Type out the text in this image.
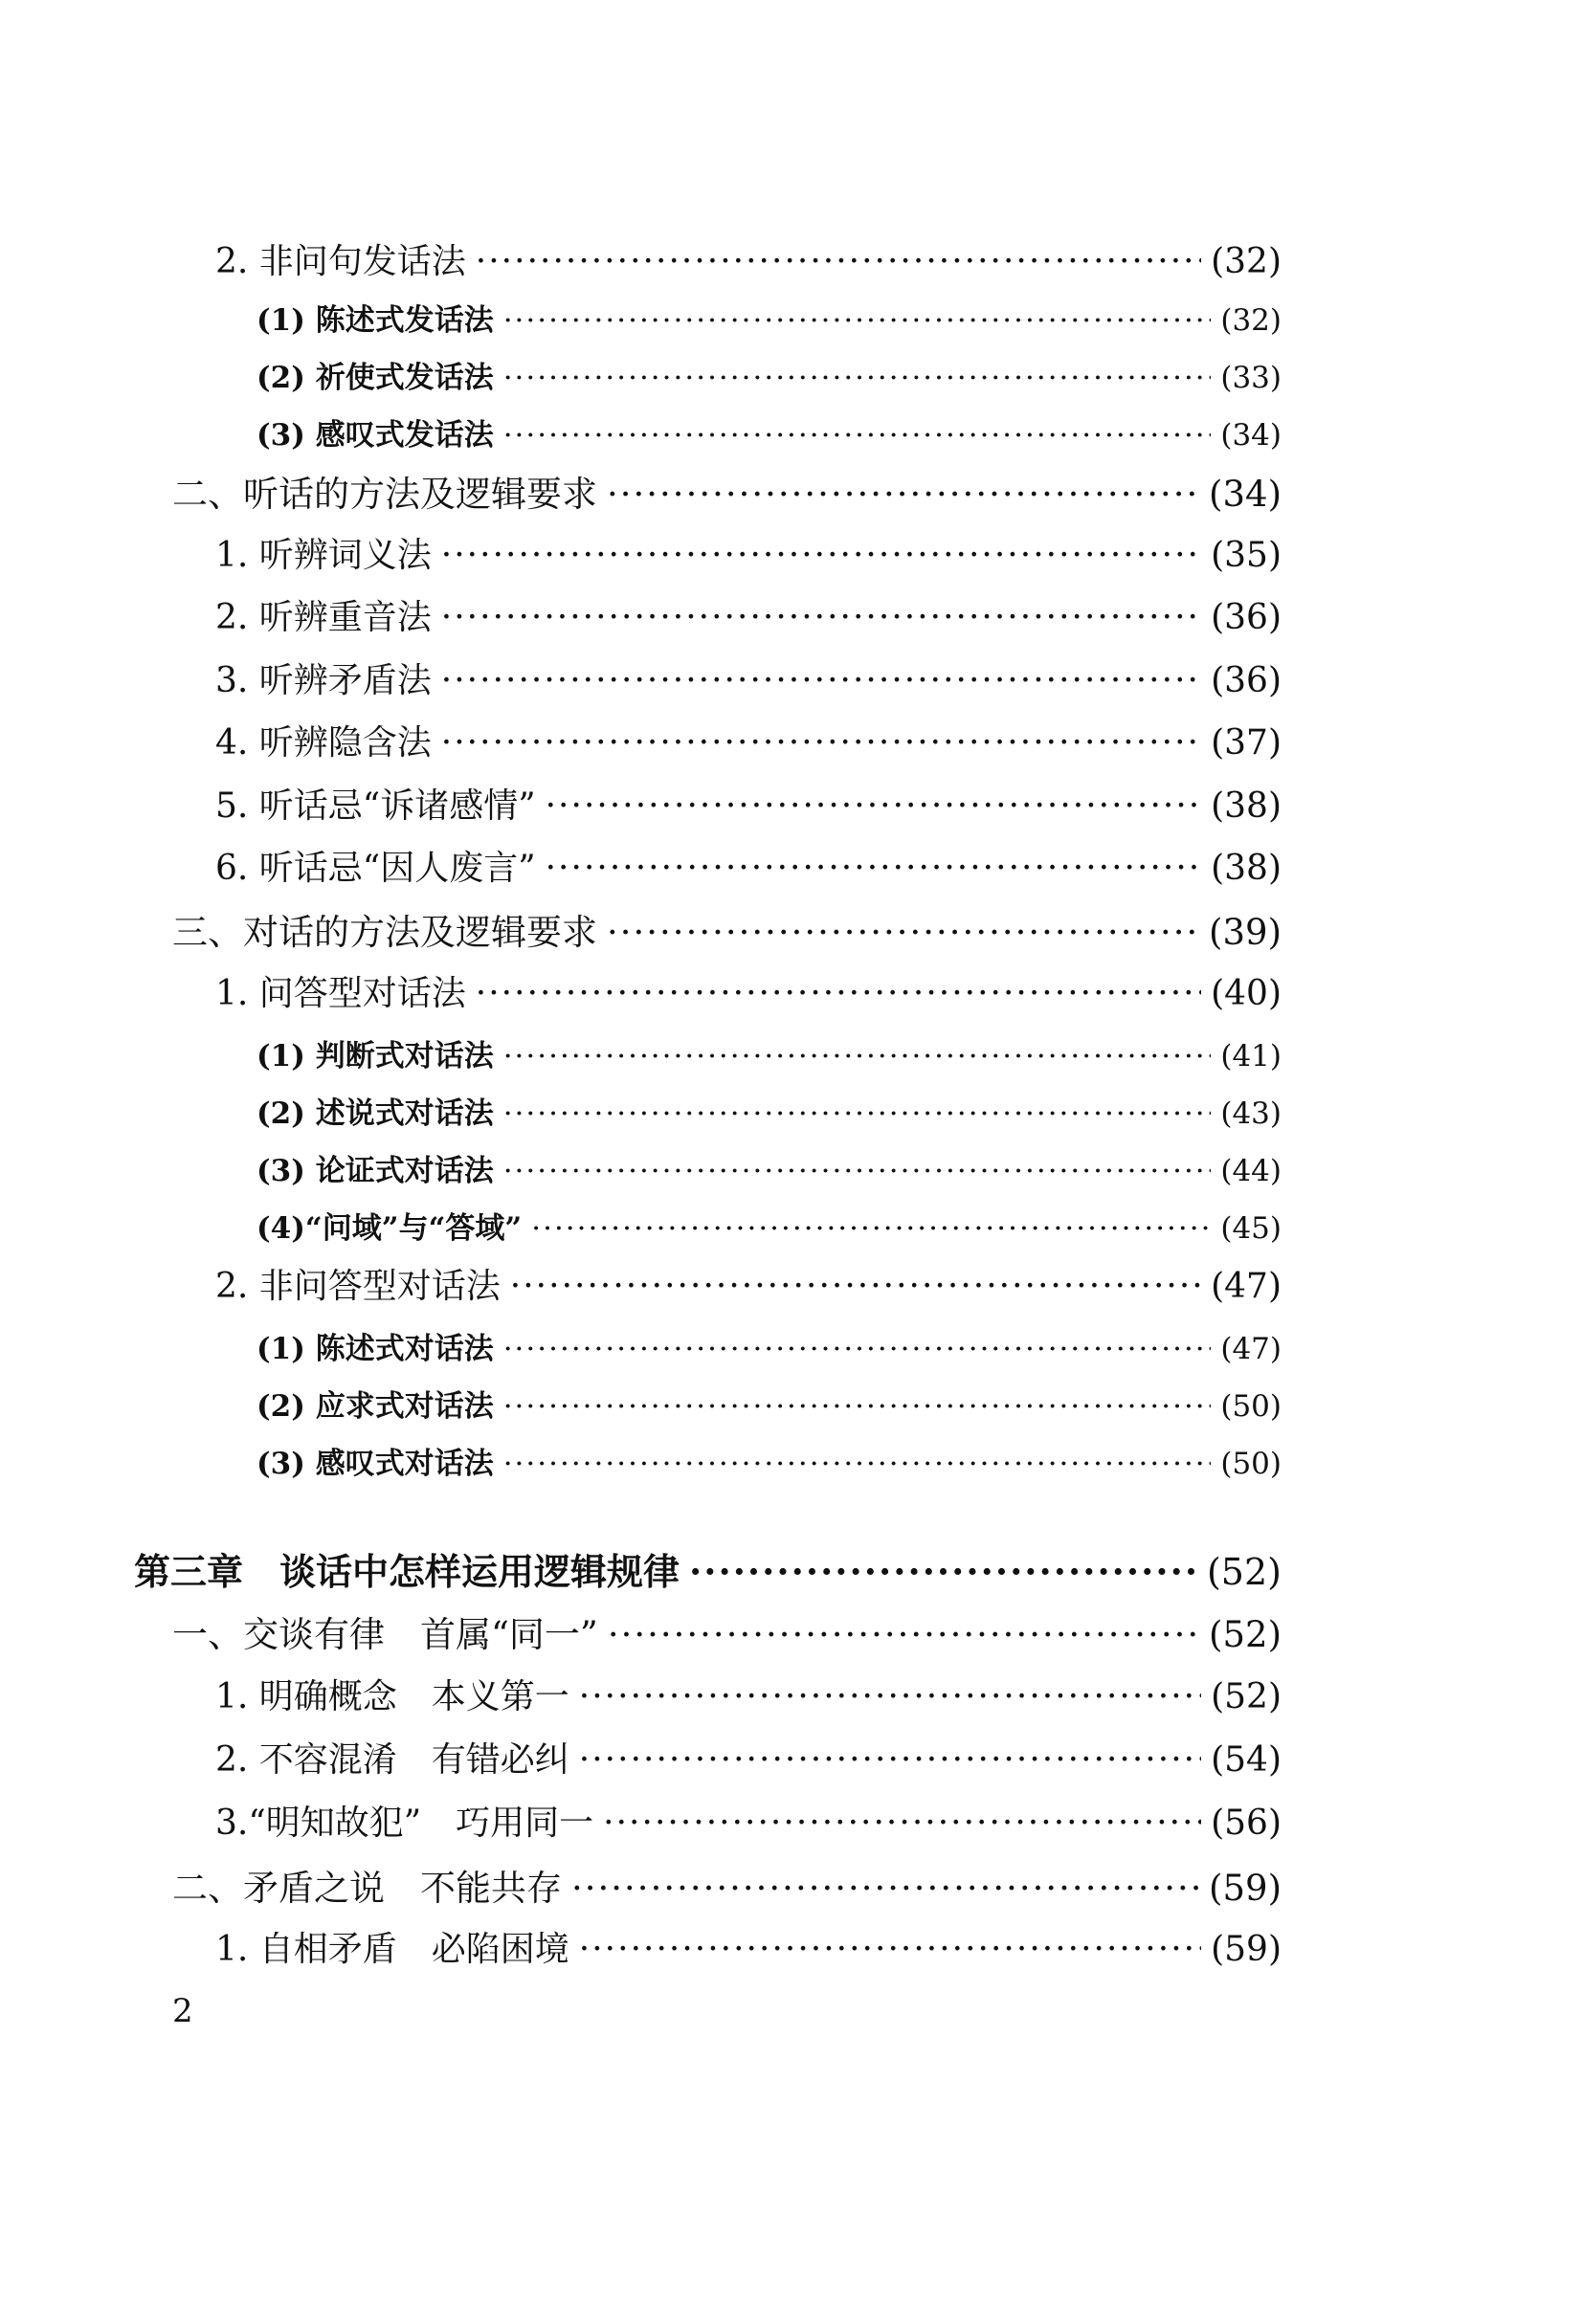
2. 非问句发话法 ·····	(32)
(1) 陈述式发话法 ·····	(32)
(2) 祈使式发话法 ·····	(33)
(3) 感叹式发话法 ·····	(34)
二、听话的方法及逻辑要求 ·····	(34)
1. 听辨词义法 ·····	(35)
2. 听辨重音法 ·····	(36)
3. 听辨矛盾法 ·····	(36)
4. 听辨隐含法 ·····	(37)
5. 听话忌“诉诸感情” ·····	(38)
6. 听话忌“因人废言” ·····	(38)
三、对话的方法及逻辑要求 ·····	(39)
1. 问答型对话法 ·····	(40)
(1) 判断式对话法 ·····	(41)
(2) 述说式对话法 ·····	(43)
(3) 论证式对话法 ·····	(44)
(4)“问域”与“答域” ·····	(45)
2. 非问答型对话法 ·····	(47)
(1) 陈述式对话法 ·····	(47)
(2) 应求式对话法 ·····	(50)
(3) 感叹式对话法 ·····	(50)
第三章　谈话中怎样运用逻辑规律 ·····	(52)
一、交谈有律　首属“同一” ·····	(52)
1. 明确概念　本义第一 ·····	(52)
2. 不容混淆　有错必纠 ·····	(54)
3.“明知故犯”　巧用同一 ·····	(56)
二、矛盾之说　不能共存 ·····	(59)
1. 自相矛盾　必陷困境 ·····	(59)
2
